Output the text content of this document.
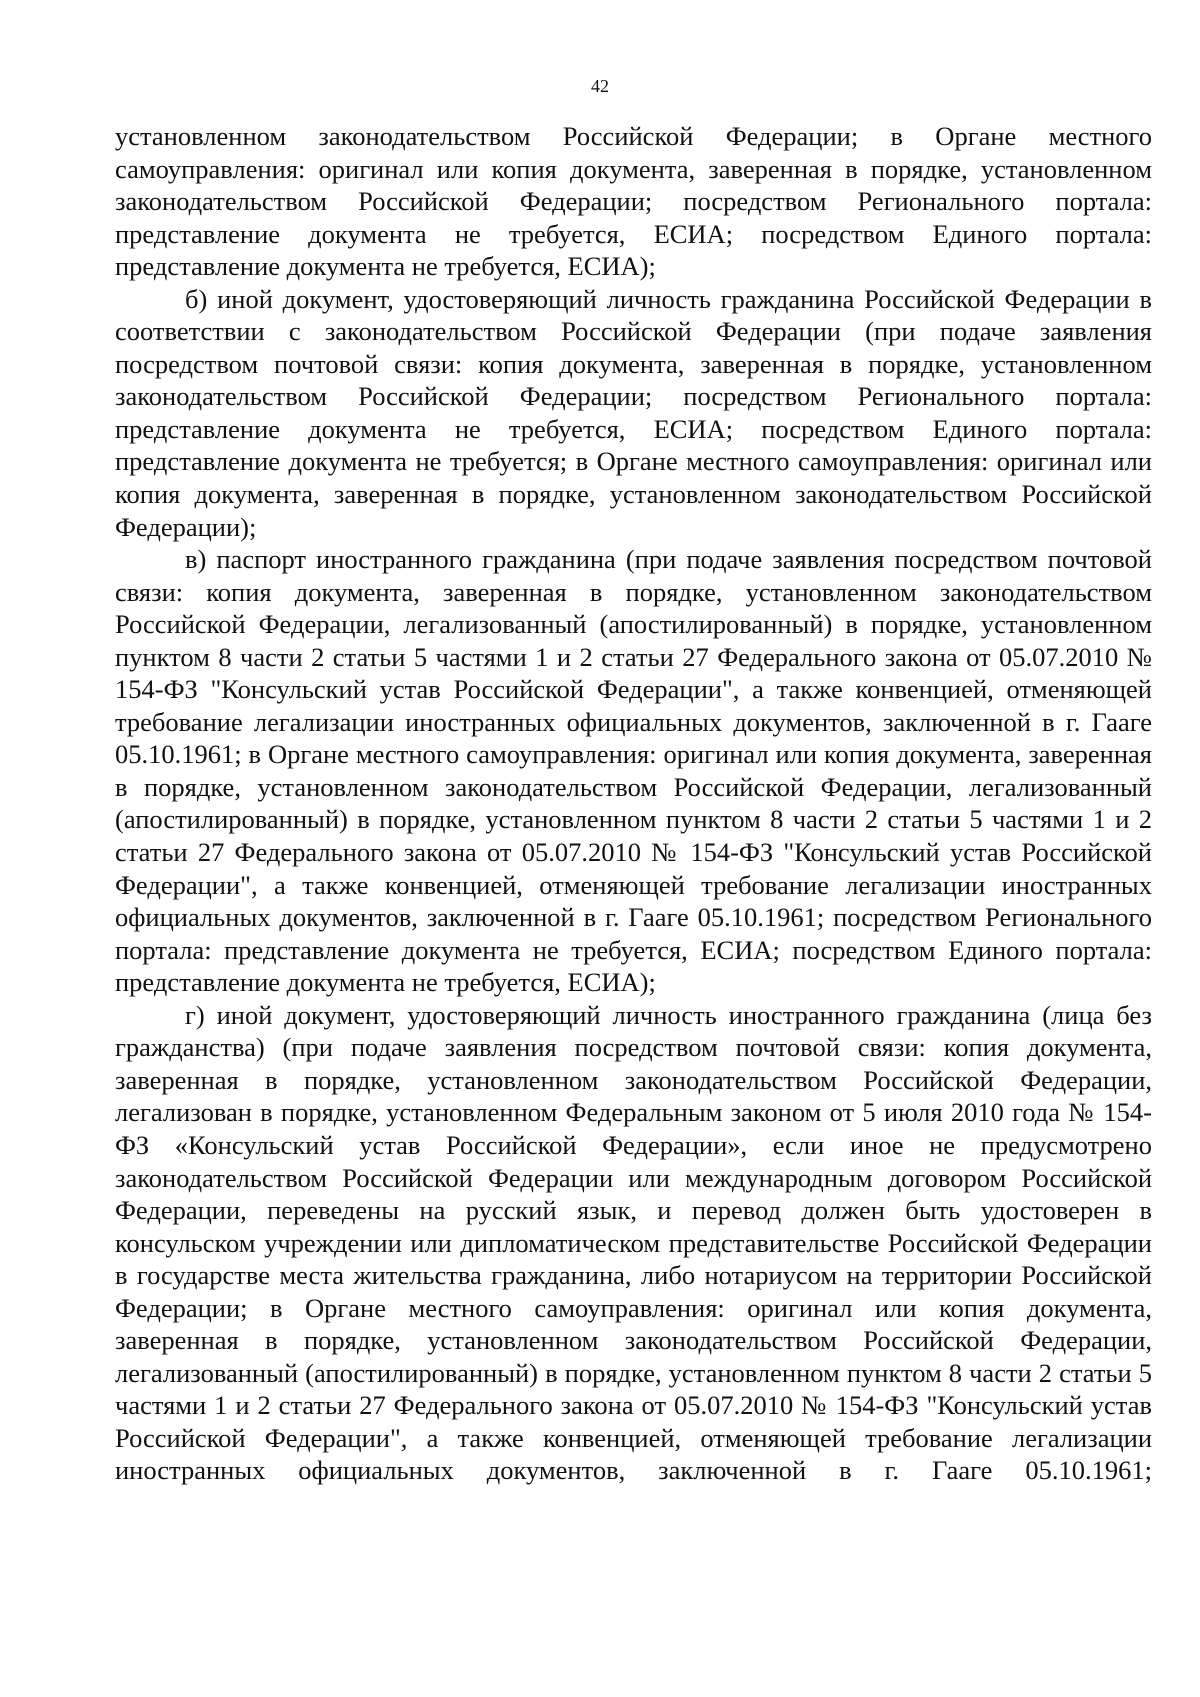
42

установленном законодательством Российской Федерации; в Органе местного самоуправления: оригинал или копия документа, заверенная в порядке, установленном законодательством Российской Федерации; посредством Регионального портала: представление документа не требуется, ЕСИА; посредством Единого портала: представление документа не требуется, ЕСИА);

б) иной документ, удостоверяющий личность гражданина Российской Федерации в соответствии с законодательством Российской Федерации (при подаче заявления посредством почтовой связи: копия документа, заверенная в порядке, установленном законодательством Российской Федерации; посредством Регионального портала: представление документа не требуется, ЕСИА; посредством Единого портала: представление документа не требуется; в Органе местного самоуправления: оригинал или копия документа, заверенная в порядке, установленном законодательством Российской Федерации);

в) паспорт иностранного гражданина (при подаче заявления посредством почтовой связи: копия документа, заверенная в порядке, установленном законодательством Российской Федерации, легализованный (апостилированный) в порядке, установленном пунктом 8 части 2 статьи 5 частями 1 и 2 статьи 27 Федерального закона от 05.07.2010 № 154-ФЗ "Консульский устав Российской Федерации", а также конвенцией, отменяющей требование легализации иностранных официальных документов, заключенной в г. Гааге 05.10.1961; в Органе местного самоуправления: оригинал или копия документа, заверенная в порядке, установленном законодательством Российской Федерации, легализованный (апостилированный) в порядке, установленном пунктом 8 части 2 статьи 5 частями 1 и 2 статьи 27 Федерального закона от 05.07.2010 № 154-ФЗ "Консульский устав Российской Федерации", а также конвенцией, отменяющей требование легализации иностранных официальных документов, заключенной в г. Гааге 05.10.1961; посредством Регионального портала: представление документа не требуется, ЕСИА; посредством Единого портала: представление документа не требуется, ЕСИА);

г) иной документ, удостоверяющий личность иностранного гражданина (лица без гражданства) (при подаче заявления посредством почтовой связи: копия документа, заверенная в порядке, установленном законодательством Российской Федерации, легализован в порядке, установленном Федеральным законом от 5 июля 2010 года № 154-ФЗ «Консульский устав Российской Федерации», если иное не предусмотрено законодательством Российской Федерации или международным договором Российской Федерации, переведены на русский язык, и перевод должен быть удостоверен в консульском учреждении или дипломатическом представительстве Российской Федерации в государстве места жительства гражданина, либо нотариусом на территории Российской Федерации; в Органе местного самоуправления: оригинал или копия документа, заверенная в порядке, установленном законодательством Российской Федерации, легализованный (апостилированный) в порядке, установленном пунктом 8 части 2 статьи 5 частями 1 и 2 статьи 27 Федерального закона от 05.07.2010 № 154-ФЗ "Консульский устав Российской Федерации", а также конвенцией, отменяющей требование легализации иностранных официальных документов, заключенной в г. Гааге 05.10.1961;
